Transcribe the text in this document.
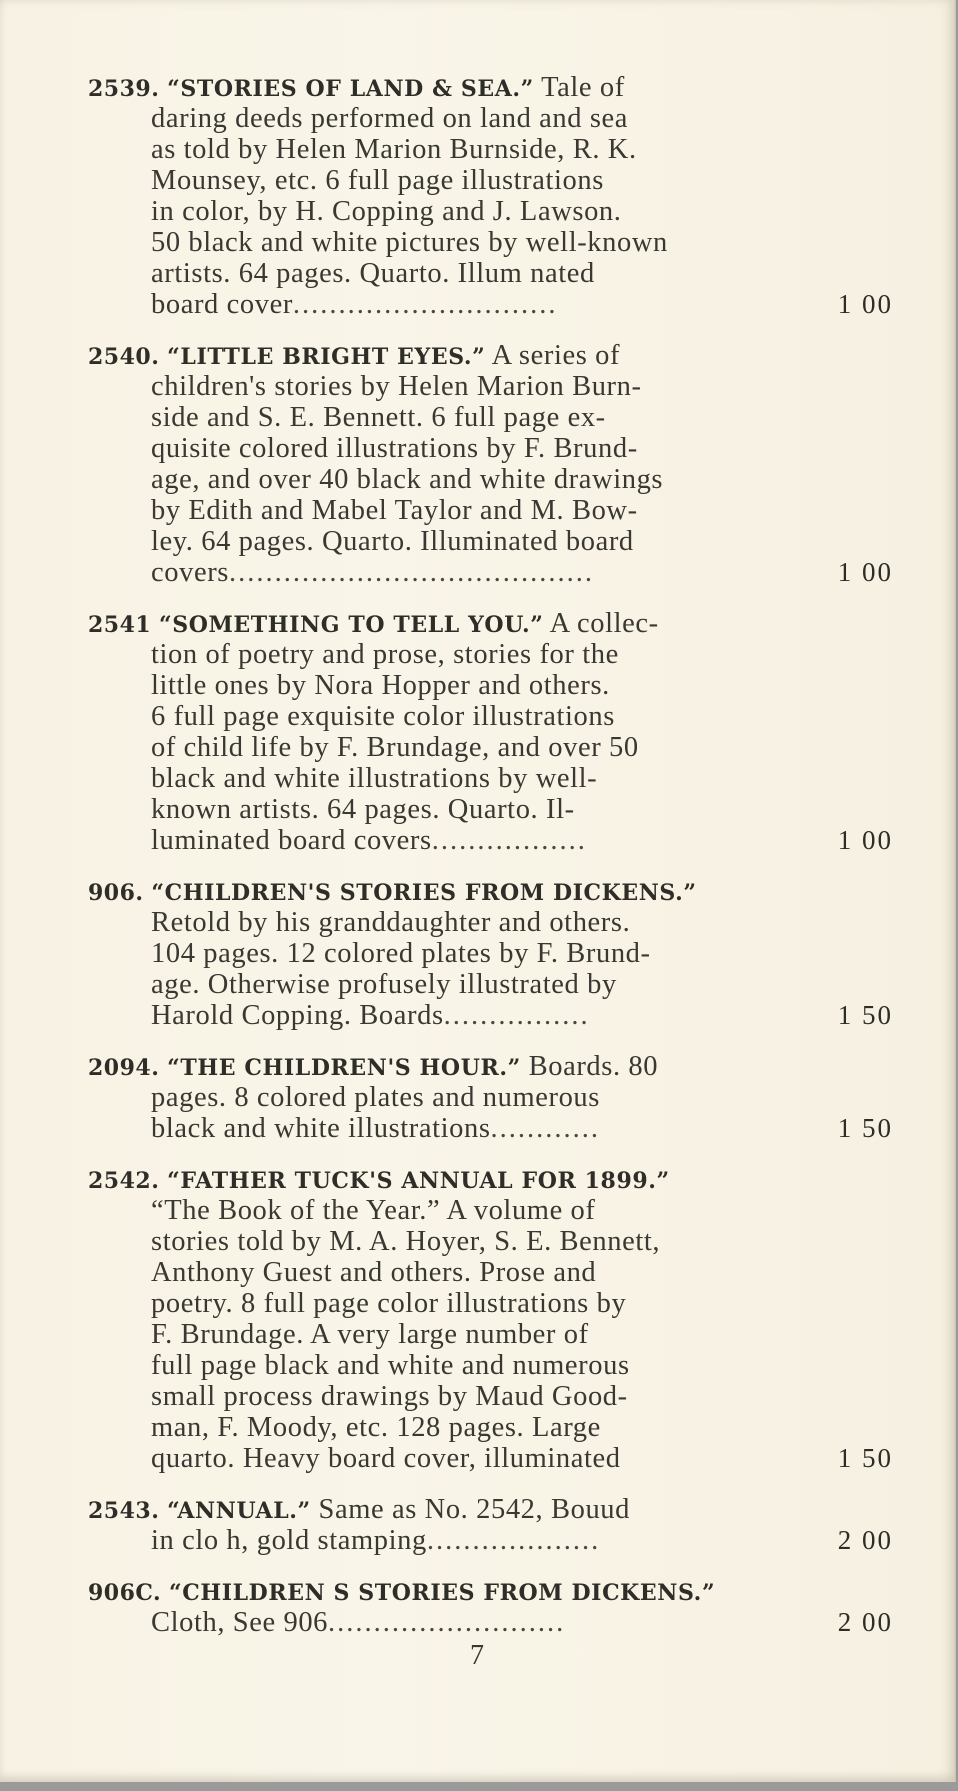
2539. “STORIES OF LAND & SEA.” Tale of
daring deeds performed on land and sea
as told by Helen Marion Burnside, R. K.
Mounsey, etc. 6 full page illustrations
in color, by H. Copping and J. Lawson.
50 black and white pictures by well-known
artists. 64 pages. Quarto. Illum nated
board cover.............................	1 00
2540. “LITTLE BRIGHT EYES.” A series of
children's stories by Helen Marion Burn-
side and S. E. Bennett. 6 full page ex-
quisite colored illustrations by F. Brund-
age, and over 40 black and white drawings
by Edith and Mabel Taylor and M. Bow-
ley. 64 pages. Quarto. Illuminated board
covers........................................	1 00
2541 “SOMETHING TO TELL YOU.” A collec-
tion of poetry and prose, stories for the
little ones by Nora Hopper and others.
6 full page exquisite color illustrations
of child life by F. Brundage, and over 50
black and white illustrations by well-
known artists. 64 pages. Quarto. Il-
luminated board covers.................	1 00
906. “CHILDREN'S STORIES FROM DICKENS.”
Retold by his granddaughter and others.
104 pages. 12 colored plates by F. Brund-
age. Otherwise profusely illustrated by
Harold Copping. Boards................	1 50
2094. “THE CHILDREN'S HOUR.” Boards. 80
pages. 8 colored plates and numerous
black and white illustrations............	1 50
2542. “FATHER TUCK'S ANNUAL FOR 1899.”
“The Book of the Year.” A volume of
stories told by M. A. Hoyer, S. E. Bennett,
Anthony Guest and others. Prose and
poetry. 8 full page color illustrations by
F. Brundage. A very large number of
full page black and white and numerous
small process drawings by Maud Good-
man, F. Moody, etc. 128 pages. Large
quarto. Heavy board cover, illuminated	1 50
2543. “ANNUAL.” Same as No. 2542, Bouud
in clo h, gold stamping...................	2 00
906C. “CHILDREN S STORIES FROM DICKENS.”
Cloth, See 906..........................	2 00
7
